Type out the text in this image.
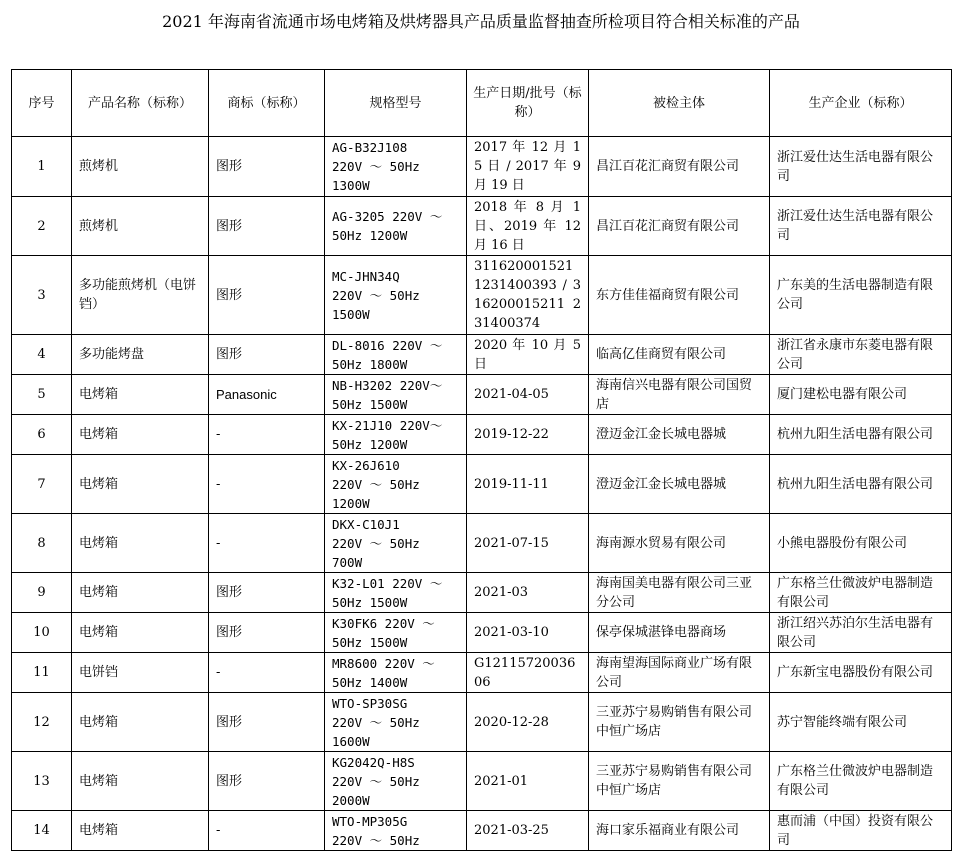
2021 年海南省流通市场电烤箱及烘烤器具产品质量监督抽查所检项目符合相关标准的产品
序号	产品名称（标称）	商标（标称）	规格型号	生产日期/批号（标称）	被检主体	生产企业（标称）
1	煎烤机	图形	AG-B32J108
220V ～ 50Hz
1300W	2017 年 12 月 15 日 / 2017 年 9 月 19 日	昌江百花汇商贸有限公司	浙江爱仕达生活电器有限公司
2	煎烤机	图形	AG-3205 220V ～
50Hz 1200W	2018 年 8 月 1 日、2019 年 12 月 16 日	昌江百花汇商贸有限公司	浙江爱仕达生活电器有限公司
3	多功能煎烤机（电饼铛）	图形	MC-JHN34Q
220V ～ 50Hz
1500W	311620001521 1231400393 / 316200015211 231400374	东方佳佳福商贸有限公司	广东美的生活电器制造有限公司
4	多功能烤盘	图形	DL-8016 220V ～
50Hz 1800W	2020 年 10 月 5 日	临高亿佳商贸有限公司	浙江省永康市东菱电器有限公司
5	电烤箱	Panasonic	NB-H3202 220V～
50Hz 1500W	2021-04-05	海南信兴电器有限公司国贸店	厦门建松电器有限公司
6	电烤箱	-	KX-21J10 220V～
50Hz 1200W	2019-12-22	澄迈金江金长城电器城	杭州九阳生活电器有限公司
7	电烤箱	-	KX-26J610
220V ～ 50Hz
1200W	2019-11-11	澄迈金江金长城电器城	杭州九阳生活电器有限公司
8	电烤箱	-	DKX-C10J1
220V ～ 50Hz
700W	2021-07-15	海南源水贸易有限公司	小熊电器股份有限公司
9	电烤箱	图形	K32-L01 220V ～
50Hz 1500W	2021-03	海南国美电器有限公司三亚分公司	广东格兰仕微波炉电器制造有限公司
10	电烤箱	图形	K30FK6 220V ～
50Hz 1500W	2021-03-10	保亭保城湛锋电器商场	浙江绍兴苏泊尔生活电器有限公司
11	电饼铛	-	MR8600 220V ～
50Hz 1400W	G12115720036 06	海南望海国际商业广场有限公司	广东新宝电器股份有限公司
12	电烤箱	图形	WTO-SP30SG
220V ～ 50Hz
1600W	2020-12-28	三亚苏宁易购销售有限公司中恒广场店	苏宁智能终端有限公司
13	电烤箱	图形	KG2042Q-H8S
220V ～ 50Hz
2000W	2021-01	三亚苏宁易购销售有限公司中恒广场店	广东格兰仕微波炉电器制造有限公司
14	电烤箱	-	WTO-MP305G
220V ～ 50Hz	2021-03-25	海口家乐福商业有限公司	惠而浦（中国）投资有限公司
